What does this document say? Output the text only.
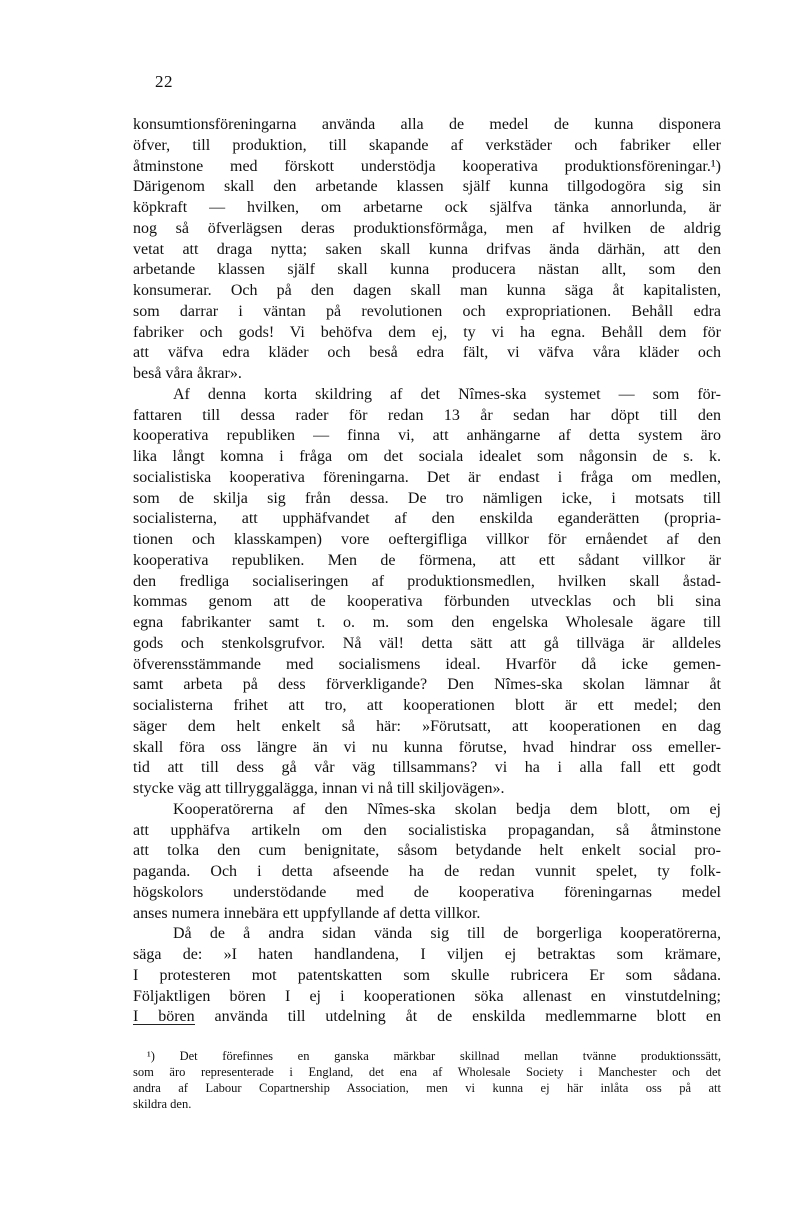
22
konsumtionsföreningarna använda alla de medel de kunna disponera
öfver, till produktion, till skapande af verkstäder och fabriker eller
åtminstone med förskott understödja kooperativa produktionsföreningar.¹)
Därigenom skall den arbetande klassen själf kunna tillgodogöra sig sin
köpkraft — hvilken, om arbetarne ock själfva tänka annorlunda, är
nog så öfverlägsen deras produktionsförmåga, men af hvilken de aldrig
vetat att draga nytta; saken skall kunna drifvas ända därhän, att den
arbetande klassen själf skall kunna producera nästan allt, som den
konsumerar. Och på den dagen skall man kunna säga åt kapitalisten,
som darrar i väntan på revolutionen och expropriationen. Behåll edra
fabriker och gods! Vi behöfva dem ej, ty vi ha egna. Behåll dem för
att väfva edra kläder och beså edra fält, vi väfva våra kläder och
beså våra åkrar».
Af denna korta skildring af det Nîmes-ska systemet — som för-
fattaren till dessa rader för redan 13 år sedan har döpt till den
kooperativa republiken — finna vi, att anhängarne af detta system äro
lika långt komna i fråga om det sociala idealet som någonsin de s. k.
socialistiska kooperativa föreningarna. Det är endast i fråga om medlen,
som de skilja sig från dessa. De tro nämligen icke, i motsats till
socialisterna, att upphäfvandet af den enskilda eganderätten (propria-
tionen och klasskampen) vore oeftergifliga villkor för ernåendet af den
kooperativa republiken. Men de förmena, att ett sådant villkor är
den fredliga socialiseringen af produktionsmedlen, hvilken skall åstad-
kommas genom att de kooperativa förbunden utvecklas och bli sina
egna fabrikanter samt t. o. m. som den engelska Wholesale ägare till
gods och stenkolsgrufvor. Nå väl! detta sätt att gå tillväga är alldeles
öfverensstämmande med socialismens ideal. Hvarför då icke gemen-
samt arbeta på dess förverkligande? Den Nîmes-ska skolan lämnar åt
socialisterna frihet att tro, att kooperationen blott är ett medel; den
säger dem helt enkelt så här: »Förutsatt, att kooperationen en dag
skall föra oss längre än vi nu kunna förutse, hvad hindrar oss emeller-
tid att till dess gå vår väg tillsammans? vi ha i alla fall ett godt
stycke väg att tillryggalägga, innan vi nå till skiljovägen».
Kooperatörerna af den Nîmes-ska skolan bedja dem blott, om ej
att upphäfva artikeln om den socialistiska propagandan, så åtminstone
att tolka den cum benignitate, såsom betydande helt enkelt social pro-
paganda. Och i detta afseende ha de redan vunnit spelet, ty folk-
högskolors understödande med de kooperativa föreningarnas medel
anses numera innebära ett uppfyllande af detta villkor.
Då de å andra sidan vända sig till de borgerliga kooperatörerna,
säga de: »I haten handlandena, I viljen ej betraktas som krämare,
I protesteren mot patentskatten som skulle rubricera Er som sådana.
Följaktligen bören I ej i kooperationen söka allenast en vinstutdelning;
I bören använda till utdelning åt de enskilda medlemmarne blott en
¹) Det förefinnes en ganska märkbar skillnad mellan tvänne produktionssätt,
som äro representerade i England, det ena af Wholesale Society i Manchester och det
andra af Labour Copartnership Association, men vi kunna ej här inlåta oss på att
skildra den.
